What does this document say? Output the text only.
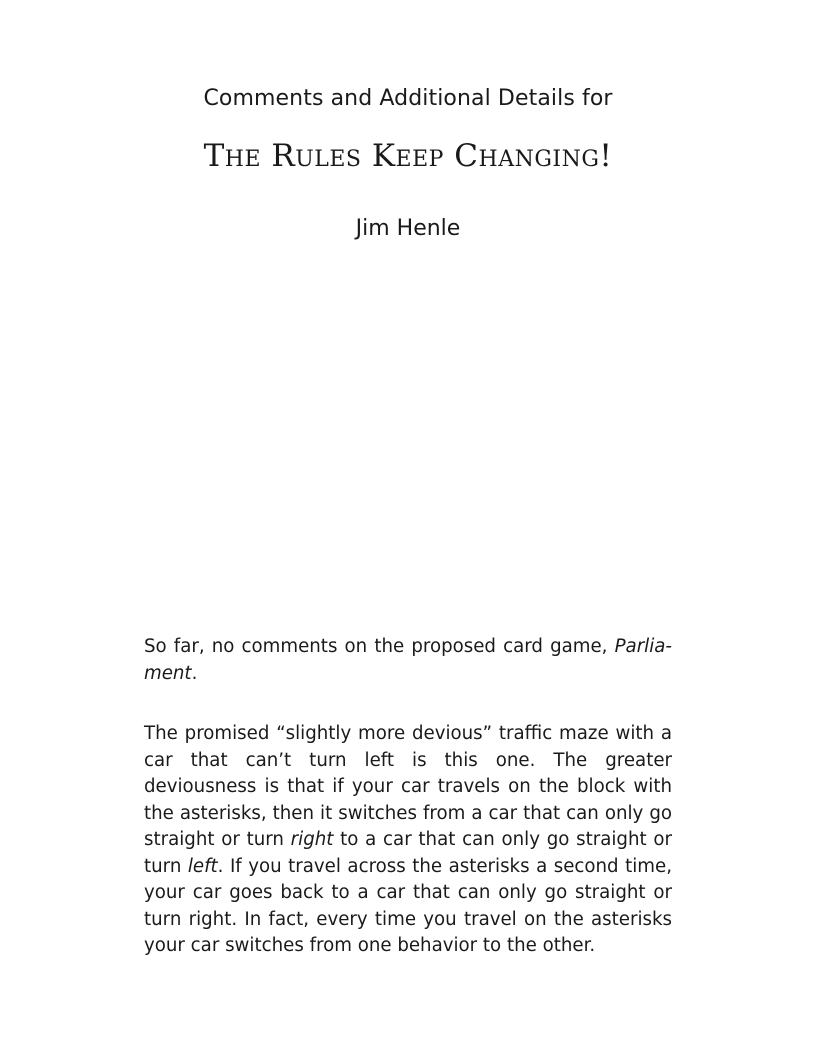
Comments and Additional Details for
The Rules Keep Changing!
Jim Henle

So far, no comments on the proposed card game, Parlia-ment.

The promised “slightly more devious” traffic maze with a car that can’t turn left is this one. The greater deviousness is that if your car travels on the block with the asterisks, then it switches from a car that can only go straight or turn right to a car that can only go straight or turn left. If you travel across the asterisks a second time, your car goes back to a car that can only go straight or turn right. In fact, every time you travel on the asterisks your car switches from one behavior to the other.
